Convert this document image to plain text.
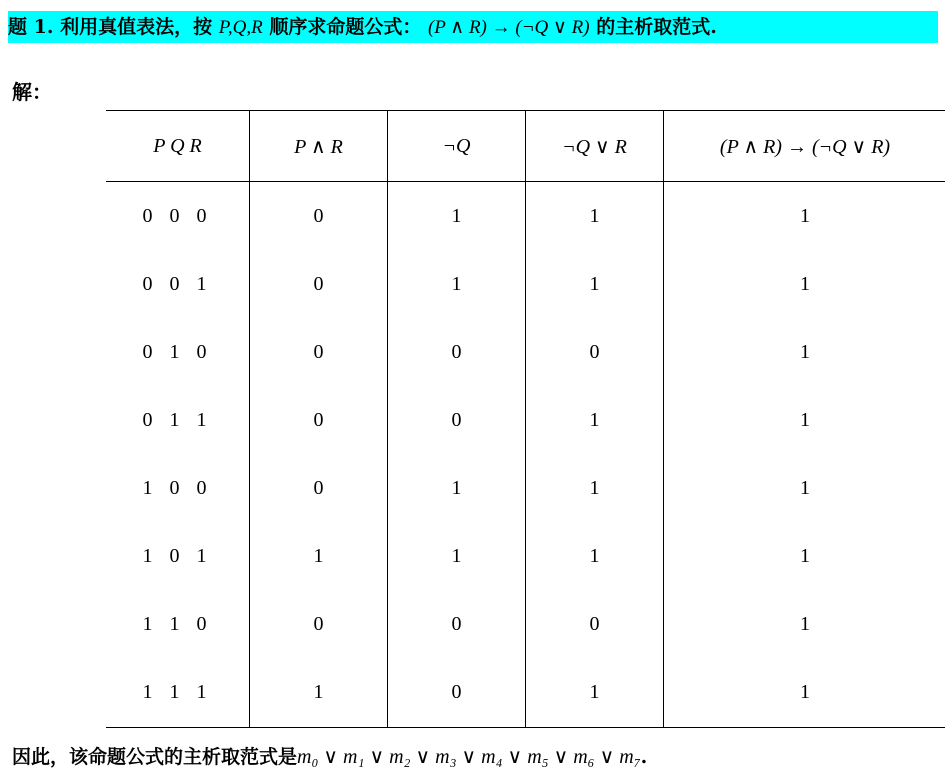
题 1. 利用真值表法，按 P,Q,R 顺序求命题公式： (P ∧ R) → (¬Q ∨ R) 的主析取范式.
解：
P Q R	P ∧ R	¬Q	¬Q ∨ R	(P ∧ R) → (¬Q ∨ R)
0 0 0	0	1	1	1
0 0 1	0	1	1	1
0 1 0	0	0	0	1
0 1 1	0	0	1	1
1 0 0	0	1	1	1
1 0 1	1	1	1	1
1 1 0	0	0	0	1
1 1 1	1	0	1	1
因此，该命题公式的主析取范式是m₀ ∨ m₁ ∨ m₂ ∨ m₃ ∨ m₄ ∨ m₅ ∨ m₆ ∨ m₇.
